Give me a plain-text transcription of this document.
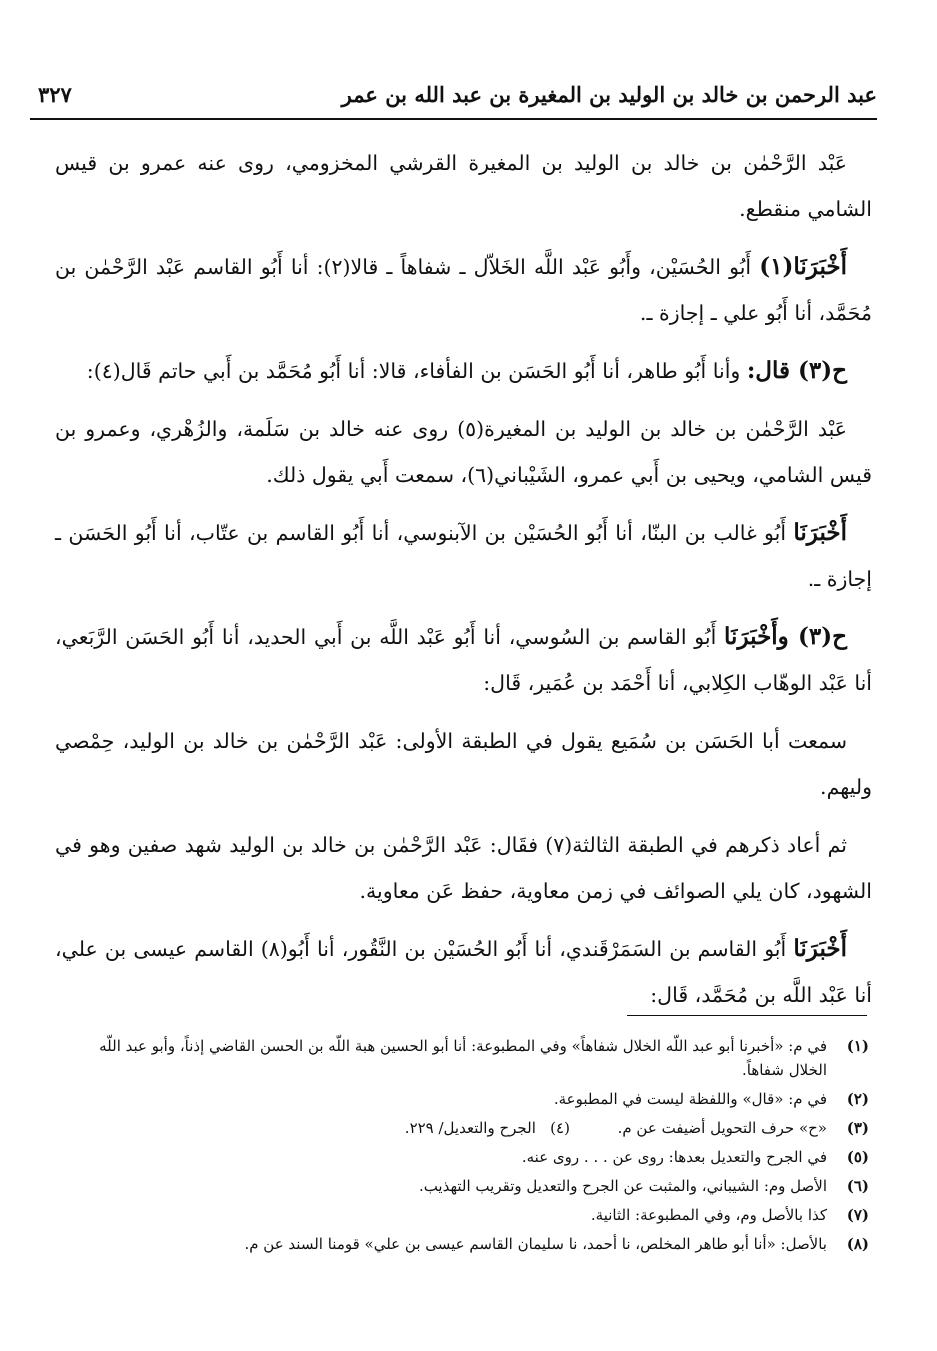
عبد الرحمن بن خالد بن الوليد بن المغيرة بن عبد الله بن عمر
٣٢٧

عَبْد الرَّحْمٰن بن خالد بن الوليد بن المغيرة القرشي المخزومي، روى عنه عمرو بن قيس الشامي منقطع.

أَخْبَرَنَا(١) أَبُو الحُسَيْن، وأَبُو عَبْد اللَّه الخَلاّل ـ شفاهاً ـ قالا(٢): أنا أَبُو القاسم عَبْد الرَّحْمٰن بن مُحَمَّد، أنا أَبُو علي ـ إجازة ـ.

ح(٣) قال: وأنا أَبُو طاهر، أنا أَبُو الحَسَن بن الفأفاء، قالا: أنا أَبُو مُحَمَّد بن أَبي حاتم قَال(٤):

عَبْد الرَّحْمٰن بن خالد بن الوليد بن المغيرة(٥) روى عنه خالد بن سَلَمة، والزُهْري، وعمرو بن قيس الشامي، ويحيى بن أَبي عمرو، الشَيْباني(٦)، سمعت أَبي يقول ذلك.

أَخْبَرَنَا أَبُو غالب بن البنّا، أنا أَبُو الحُسَيْن بن الآبنوسي، أنا أَبُو القاسم بن عتّاب، أنا أَبُو الحَسَن ـ إجازة ـ.

ح(٣) وأَخْبَرَنَا أَبُو القاسم بن السُوسي، أنا أَبُو عَبْد اللَّه بن أَبي الحديد، أنا أَبُو الحَسَن الرَّبَعي، أنا عَبْد الوهّاب الكِلابي، أنا أَحْمَد بن عُمَير، قَال:

سمعت أبا الحَسَن بن سُمَيع يقول في الطبقة الأولى: عَبْد الرَّحْمٰن بن خالد بن الوليد، حِمْصي وليهم.

ثم أعاد ذكرهم في الطبقة الثالثة(٧) فقَال: عَبْد الرَّحْمٰن بن خالد بن الوليد شهد صفين وهو في الشهود، كان يلي الصوائف في زمن معاوية، حفظ عَن معاوية.

أَخْبَرَنَا أَبُو القاسم بن السَمَرْقَندي، أنا أَبُو الحُسَيْن بن النَّقُور، أنا أَبُو(٨) القاسم عيسى بن علي، أنا عَبْد اللَّه بن مُحَمَّد، قَال:

(١)
في م: «أخبرنا أبو عبد اللّه الخلال شفاهاً» وفي المطبوعة: أنا أبو الحسين هبة اللّه بن الحسن القاضي إذناً، وأبو عبد اللّه الخلال شفاهاً.
(٢)
في م: «قال» واللفظة ليست في المطبوعة.
(٣)
«ح» حرف التحويل أضيفت عن م.          (٤)   الجرح والتعديل/ ٢٢٩.
(٥)
في الجرح والتعديل بعدها: روى عن . . . روى عنه.
(٦)
الأصل وم: الشيباني، والمثبت عن الجرح والتعديل وتقريب التهذيب.
(٧)
كذا بالأصل وم، وفي المطبوعة: الثانية.
(٨)
بالأصل: «أنا أبو طاهر المخلص، نا أحمد، نا سليمان القاسم عيسى بن علي» قومنا السند عن م.
